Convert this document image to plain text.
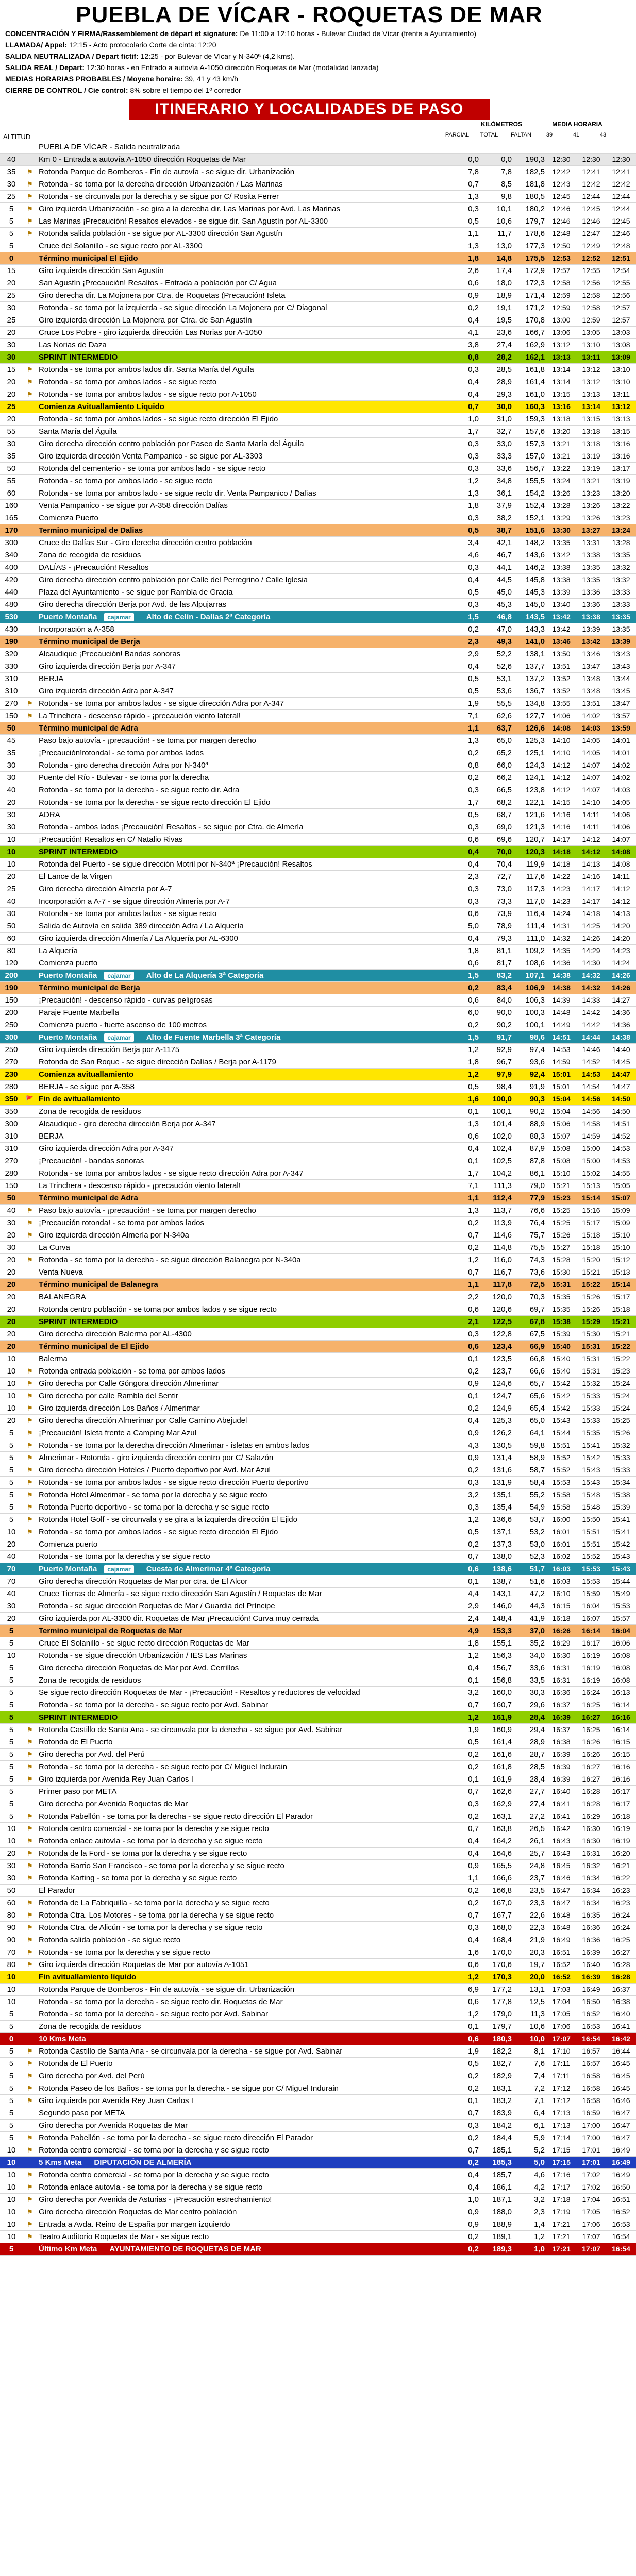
PUEBLA DE VÍCAR - ROQUETAS DE MAR
CONCENTRACIÓN Y FIRMA/Rassemblement de départ et signature: De 11:00 a 12:10 horas - Bulevar Ciudad de Vícar (frente a Ayuntamiento)
LLAMADA/ Appel: 12:15 - Acto protocolario Corte de cinta: 12:20
SALIDA NEUTRALIZADA / Depart fictif: 12:25 - por Bulevar de Vícar y N-340ª (4,2 kms).
SALIDA REAL / Depart: 12:30 horas - en Entrado a autovía A-1050 dirección Roquetas de Mar (modalidad lanzada)
MEDIAS HORARIAS PROBABLES / Moyene horaire: 39, 41 y 43 km/h
CIERRE DE CONTROL / Cie control: 8% sobre el tiempo del 1º corredor
ITINERARIO Y LOCALIDADES DE PASO
ALTITUD
KILÓMETROS	MEDIA HORARIA
PARCIAL	TOTAL	FALTAN	39	41	43
		PUEBLA DE VÍCAR - Salida neutralizada						
40		Km 0 - Entrada a autovía A-1050 dirección Roquetas de Mar	0,0	0,0	190,3	12:30	12:30	12:30
35	⚑	Rotonda Parque de Bomberos - Fin de autovía - se sigue dir. Urbanización	7,8	7,8	182,5	12:42	12:41	12:41
30	⚑	Rotonda - se toma por la derecha dirección Urbanización / Las Marinas	0,7	8,5	181,8	12:43	12:42	12:42
25	⚑	Rotonda - se circunvala por la derecha y se sigue por C/ Rosita Ferrer	1,3	9,8	180,5	12:45	12:44	12:44
5	⚑	Giro izquierda Urbanización - se gira a la derecha dir. Las Marinas por Avd. Las Marinas	0,3	10,1	180,2	12:46	12:45	12:44
5	⚑	Las Marinas ¡Precaución! Resaltos elevados - se sigue dir. San Agustín por AL-3300	0,5	10,6	179,7	12:46	12:46	12:45
5	⚑	Rotonda salida población - se sigue por AL-3300 dirección San Agustín	1,1	11,7	178,6	12:48	12:47	12:46
5		Cruce del Solanillo - se sigue recto por AL-3300	1,3	13,0	177,3	12:50	12:49	12:48
0		Término municipal El Ejido	1,8	14,8	175,5	12:53	12:52	12:51
15		Giro izquierda dirección San Agustín	2,6	17,4	172,9	12:57	12:55	12:54
20		San Agustín ¡Precaución! Resaltos - Entrada a población por C/ Agua	0,6	18,0	172,3	12:58	12:56	12:55
25		Giro derecha dir. La Mojonera por Ctra. de Roquetas (Precaución! Isleta	0,9	18,9	171,4	12:59	12:58	12:56
30		Rotonda - se toma por la izquierda - se sigue dirección La Mojonera por C/ Diagonal	0,2	19,1	171,2	12:59	12:58	12:57
25		Giro izquierda dirección La Mojonera por Ctra. de San Agustín	0,4	19,5	170,8	13:00	12:59	12:57
20		Cruce Los Pobre - giro izquierda dirección Las Norias por A-1050	4,1	23,6	166,7	13:06	13:05	13:03
30		Las Norias de Daza	3,8	27,4	162,9	13:12	13:10	13:08
30		SPRINT INTERMEDIO	0,8	28,2	162,1	13:13	13:11	13:09
15	⚑	Rotonda - se toma por ambos lados dir. Santa María del Aguila	0,3	28,5	161,8	13:14	13:12	13:10
20	⚑	Rotonda - se toma por ambos lados - se sigue recto	0,4	28,9	161,4	13:14	13:12	13:10
20	⚑	Rotonda - se toma por ambos lados - se sigue recto por A-1050	0,4	29,3	161,0	13:15	13:13	13:11
25		Comienza Avituallamiento Líquido	0,7	30,0	160,3	13:16	13:14	13:12
20		Rotonda - se toma por ambos lados - se sigue recto dirección El Ejido	1,0	31,0	159,3	13:18	13:15	13:13
55		Santa María del Águila	1,7	32,7	157,6	13:20	13:18	13:15
30		Giro derecha dirección centro población por Paseo de Santa María del Águila	0,3	33,0	157,3	13:21	13:18	13:16
35		Giro izquierda dirección Venta Pampanico - se sigue por AL-3303	0,3	33,3	157,0	13:21	13:19	13:16
50		Rotonda del cementerio - se toma por ambos lado - se sigue recto	0,3	33,6	156,7	13:22	13:19	13:17
55		Rotonda - se toma por ambos lado - se sigue recto	1,2	34,8	155,5	13:24	13:21	13:19
60		Rotonda - se toma por ambos lado - se sigue recto dir. Venta Pampanico / Dalías	1,3	36,1	154,2	13:26	13:23	13:20
160		Venta Pampanico - se sigue por A-358 dirección Dalías	1,8	37,9	152,4	13:28	13:26	13:22
165		Comienza Puerto	0,3	38,2	152,1	13:29	13:26	13:23
170		Termino municipal de Dalias	0,5	38,7	151,6	13:30	13:27	13:24
300		Cruce de Dalías Sur - Giro derecha dirección centro población	3,4	42,1	148,2	13:35	13:31	13:28
340		Zona de recogida de residuos	4,6	46,7	143,6	13:42	13:38	13:35
400		DALÍAS - ¡Precaución! Resaltos	0,3	44,1	146,2	13:38	13:35	13:32
420		Giro derecha dirección centro población por Calle del Perregrino / Calle Iglesia	0,4	44,5	145,8	13:38	13:35	13:32
440		Plaza del Ayuntamiento - se sigue por Rambla de Gracia	0,5	45,0	145,3	13:39	13:36	13:33
480		Giro derecha dirección Berja por Avd. de las Alpujarras	0,3	45,3	145,0	13:40	13:36	13:33
530		Puerto Montaña cajamar Alto de Celín - Dalías 2ª Categoría	1,5	46,8	143,5	13:42	13:38	13:35
430		Incorporación a A-358	0,2	47,0	143,3	13:42	13:39	13:35
190		Término municipal de Berja	2,3	49,3	141,0	13:46	13:42	13:39
320		Alcaudique ¡Precaución! Bandas sonoras	2,9	52,2	138,1	13:50	13:46	13:43
330		Giro izquierda dirección Berja por A-347	0,4	52,6	137,7	13:51	13:47	13:43
310		BERJA	0,5	53,1	137,2	13:52	13:48	13:44
310		Giro izquierda dirección Adra por A-347	0,5	53,6	136,7	13:52	13:48	13:45
270	⚑	Rotonda - se toma por ambos lados - se sigue dirección Adra por A-347	1,9	55,5	134,8	13:55	13:51	13:47
150	⚑	La Trinchera - descenso rápido - ¡precaución viento lateral!	7,1	62,6	127,7	14:06	14:02	13:57
50		Término municipal de Adra	1,1	63,7	126,6	14:08	14:03	13:59
45		Paso bajo autovía - ¡precaución! - se toma por margen derecho	1,3	65,0	125,3	14:10	14:05	14:01
35		¡Precaución!rotondal - se toma por ambos lados	0,2	65,2	125,1	14:10	14:05	14:01
30		Rotonda - giro derecha dirección Adra por N-340ª	0,8	66,0	124,3	14:12	14:07	14:02
30		Puente del Río - Bulevar - se toma por la derecha	0,2	66,2	124,1	14:12	14:07	14:02
40		Rotonda - se toma por la derecha - se sigue recto dir. Adra	0,3	66,5	123,8	14:12	14:07	14:03
20		Rotonda - se toma por la derecha - se sigue recto dirección El Ejido	1,7	68,2	122,1	14:15	14:10	14:05
30		ADRA	0,5	68,7	121,6	14:16	14:11	14:06
30		Rotonda - ambos lados ¡Precaución! Resaltos - se sigue por Ctra. de Almería	0,3	69,0	121,3	14:16	14:11	14:06
10		¡Precaución! Resaltos en C/ Natalio Rivas	0,6	69,6	120,7	14:17	14:12	14:07
10		SPRINT INTERMEDIO	0,4	70,0	120,3	14:18	14:12	14:08
10		Rotonda del Puerto - se sigue dirección Motril por N-340ª ¡Precaución! Resaltos	0,4	70,4	119,9	14:18	14:13	14:08
20		El Lance de la Virgen	2,3	72,7	117,6	14:22	14:16	14:11
25		Giro derecha dirección Almería por A-7	0,3	73,0	117,3	14:23	14:17	14:12
40		Incorporación a A-7 - se sigue dirección Almería por A-7	0,3	73,3	117,0	14:23	14:17	14:12
30		Rotonda - se toma por ambos lados - se sigue recto	0,6	73,9	116,4	14:24	14:18	14:13
50		Salida de Autovía en salida 389 dirección Adra / La Alquería	5,0	78,9	111,4	14:31	14:25	14:20
60		Giro izquierda dirección Almería / La Alquería por AL-6300	0,4	79,3	111,0	14:32	14:26	14:20
80		La Alquería	1,8	81,1	109,2	14:35	14:29	14:23
120		Comienza puerto	0,6	81,7	108,6	14:36	14:30	14:24
200		Puerto Montaña cajamar Alto de La Alquería 3ª Categoría	1,5	83,2	107,1	14:38	14:32	14:26
190		Término municipal de Berja	0,2	83,4	106,9	14:38	14:32	14:26
150		¡Precaución! - descenso rápido - curvas peligrosas	0,6	84,0	106,3	14:39	14:33	14:27
200		Paraje Fuente Marbella	6,0	90,0	100,3	14:48	14:42	14:36
250		Comienza puerto - fuerte ascenso de 100 metros	0,2	90,2	100,1	14:49	14:42	14:36
300		Puerto Montaña cajamar Alto de Fuente Marbella 3ª Categoría	1,5	91,7	98,6	14:51	14:44	14:38
250		Giro izquierda dirección Berja por A-1175	1,2	92,9	97,4	14:53	14:46	14:40
270		Rotonda de San Roque - se sigue dirección Dalías / Berja por A-1179	1,8	96,7	93,6	14:59	14:52	14:45
230		Comienza avituallamiento	1,2	97,9	92,4	15:01	14:53	14:47
280		BERJA - se sigue por A-358	0,5	98,4	91,9	15:01	14:54	14:47
350	🚩	Fin de avituallamiento	1,6	100,0	90,3	15:04	14:56	14:50
350		Zona de recogida de residuos	0,1	100,1	90,2	15:04	14:56	14:50
300		Alcaudique - giro derecha dirección Berja por A-347	1,3	101,4	88,9	15:06	14:58	14:51
310		BERJA	0,6	102,0	88,3	15:07	14:59	14:52
310		Giro izquierda dirección Adra por A-347	0,4	102,4	87,9	15:08	15:00	14:53
270		¡Precaución! - bandas sonoras	0,1	102,5	87,8	15:08	15:00	14:53
280		Rotonda - se toma por ambos lados - se sigue recto dirección Adra por A-347	1,7	104,2	86,1	15:10	15:02	14:55
150		La Trinchera - descenso rápido - ¡precaución viento lateral!	7,1	111,3	79,0	15:21	15:13	15:05
50		Término municipal de Adra	1,1	112,4	77,9	15:23	15:14	15:07
40	⚑	Paso bajo autovía - ¡precaución! - se toma por margen derecho	1,3	113,7	76,6	15:25	15:16	15:09
30	⚑	¡Precaución rotonda! - se toma por ambos lados	0,2	113,9	76,4	15:25	15:17	15:09
20	⚑	Giro izquierda dirección Almería por N-340a	0,7	114,6	75,7	15:26	15:18	15:10
30		La Curva	0,2	114,8	75,5	15:27	15:18	15:10
20	⚑	Rotonda - se toma por la derecha - se sigue dirección Balanegra por N-340a	1,2	116,0	74,3	15:28	15:20	15:12
20		Venta Nueva	0,7	116,7	73,6	15:30	15:21	15:13
20		Término municipal de Balanegra	1,1	117,8	72,5	15:31	15:22	15:14
20		BALANEGRA	2,2	120,0	70,3	15:35	15:26	15:17
20		Rotonda centro población - se toma por ambos lados y se sigue recto	0,6	120,6	69,7	15:35	15:26	15:18
20		SPRINT INTERMEDIO	2,1	122,5	67,8	15:38	15:29	15:21
20		Giro derecha dirección Balerma por AL-4300	0,3	122,8	67,5	15:39	15:30	15:21
20		Término municipal de El Ejido	0,6	123,4	66,9	15:40	15:31	15:22
10		Balerma	0,1	123,5	66,8	15:40	15:31	15:22
10	⚑	Rotonda entrada población - se toma por ambos lados	0,2	123,7	66,6	15:40	15:31	15:23
10	⚑	Giro derecha por Calle Góngora dirección Almerimar	0,9	124,6	65,7	15:42	15:32	15:24
10	⚑	Giro derecha por calle Rambla del Sentir	0,1	124,7	65,6	15:42	15:33	15:24
10	⚑	Giro izquierda dirección Los Baños / Almerimar	0,2	124,9	65,4	15:42	15:33	15:24
20	⚑	Giro derecha dirección Almerimar por Calle Camino Abejudel	0,4	125,3	65,0	15:43	15:33	15:25
5	⚑	¡Precaución! Isleta frente a Camping Mar Azul	0,9	126,2	64,1	15:44	15:35	15:26
5	⚑	Rotonda - se toma por la derecha dirección Almerimar - isletas en ambos lados	4,3	130,5	59,8	15:51	15:41	15:32
5	⚑	Almerimar - Rotonda - giro izquierda dirección centro por C/ Salazón	0,9	131,4	58,9	15:52	15:42	15:33
5	⚑	Giro derecha dirección Hoteles / Puerto deportivo por Avd. Mar Azul	0,2	131,6	58,7	15:52	15:43	15:33
5	⚑	Rotonda - se toma por ambos lados - se sigue recto dirección Puerto deportivo	0,3	131,9	58,4	15:53	15:43	15:34
5	⚑	Rotonda Hotel Almerimar - se toma por la derecha y se sigue recto	3,2	135,1	55,2	15:58	15:48	15:38
5	⚑	Rotonda Puerto deportivo - se toma por la derecha y se sigue recto	0,3	135,4	54,9	15:58	15:48	15:39
5	⚑	Rotonda Hotel Golf - se circunvala y se gira a la izquierda dirección El Ejido	1,2	136,6	53,7	16:00	15:50	15:41
10	⚑	Rotonda - se toma por ambos lados - se sigue recto dirección El Ejido	0,5	137,1	53,2	16:01	15:51	15:41
20		Comienza puerto	0,2	137,3	53,0	16:01	15:51	15:42
40		Rotonda - se toma por la derecha y se sigue recto	0,7	138,0	52,3	16:02	15:52	15:43
70		Puerto Montaña cajamar Cuesta de Almerimar 4ª Categoría	0,6	138,6	51,7	16:03	15:53	15:43
70		Giro derecha dirección Roquetas de Mar por ctra. de El Alcor	0,1	138,7	51,6	16:03	15:53	15:44
40		Cruce Tierras de Almería - se sigue recto dirección San Agustín / Roquetas de Mar	4,4	143,1	47,2	16:10	15:59	15:49
30		Rotonda - se sigue dirección Roquetas de Mar / Guardia del Príncipe	2,9	146,0	44,3	16:15	16:04	15:53
20		Giro izquierda por AL-3300 dir. Roquetas de Mar ¡Precaución! Curva muy cerrada	2,4	148,4	41,9	16:18	16:07	15:57
5		Termino municipal de Roquetas de Mar	4,9	153,3	37,0	16:26	16:14	16:04
5		Cruce El Solanillo - se sigue recto dirección Roquetas de Mar	1,8	155,1	35,2	16:29	16:17	16:06
10		Rotonda - se sigue dirección Urbanización / IES Las Marinas	1,2	156,3	34,0	16:30	16:19	16:08
5		Giro derecha dirección Roquetas de Mar por Avd. Cerrillos	0,4	156,7	33,6	16:31	16:19	16:08
5		Zona de recogida de residuos	0,1	156,8	33,5	16:31	16:19	16:08
5		Se sigue recto dirección Roquetas de Mar - ¡Precaución! - Resaltos y reductores de velocidad	3,2	160,0	30,3	16:36	16:24	16:13
5		Rotonda - se toma por la derecha - se sigue recto por Avd. Sabinar	0,7	160,7	29,6	16:37	16:25	16:14
5		SPRINT INTERMEDIO	1,2	161,9	28,4	16:39	16:27	16:16
5	⚑	Rotonda Castillo de Santa Ana - se circunvala por la derecha - se sigue por Avd. Sabinar	1,9	160,9	29,4	16:37	16:25	16:14
5	⚑	Rotonda de El Puerto	0,5	161,4	28,9	16:38	16:26	16:15
5	⚑	Giro derecha por Avd. del Perú	0,2	161,6	28,7	16:39	16:26	16:15
5	⚑	Rotonda - se toma por la derecha - se sigue recto por C/ Miguel Indurain	0,2	161,8	28,5	16:39	16:27	16:16
5	⚑	Giro izquierda por Avenida Rey Juan Carlos I	0,1	161,9	28,4	16:39	16:27	16:16
5		Primer paso por META	0,7	162,6	27,7	16:40	16:28	16:17
5		Giro derecha por Avenida Roquetas de Mar	0,3	162,9	27,4	16:41	16:28	16:17
5	⚑	Rotonda Pabellón - se toma por la derecha - se sigue recto dirección El Parador	0,2	163,1	27,2	16:41	16:29	16:18
10	⚑	Rotonda centro comercial - se toma por la derecha y se sigue recto	0,7	163,8	26,5	16:42	16:30	16:19
10	⚑	Rotonda enlace autovía - se toma por la derecha y se sigue recto	0,4	164,2	26,1	16:43	16:30	16:19
20	⚑	Rotonda de la Ford - se toma por la derecha y se sigue recto	0,4	164,6	25,7	16:43	16:31	16:20
30	⚑	Rotonda Barrio San Francisco - se toma por la derecha y se sigue recto	0,9	165,5	24,8	16:45	16:32	16:21
30	⚑	Rotonda Karting - se toma por la derecha y se sigue recto	1,1	166,6	23,7	16:46	16:34	16:22
50		El Parador	0,2	166,8	23,5	16:47	16:34	16:23
60	⚑	Rotonda de La Fabriquilla - se toma por la derecha y se sigue recto	0,2	167,0	23,3	16:47	16:34	16:23
80	⚑	Rotonda Ctra. Los Motores - se toma por la derecha y se sigue recto	0,7	167,7	22,6	16:48	16:35	16:24
90	⚑	Rotonda Ctra. de Alicún - se toma por la derecha y se sigue recto	0,3	168,0	22,3	16:48	16:36	16:24
90	⚑	Rotonda salida población - se sigue recto	0,4	168,4	21,9	16:49	16:36	16:25
70	⚑	Rotonda - se toma por la derecha y se sigue recto	1,6	170,0	20,3	16:51	16:39	16:27
80	⚑	Giro izquierda dirección Roquetas de Mar por autovía A-1051	0,6	170,6	19,7	16:52	16:40	16:28
10		Fin avituallamiento líquido	1,2	170,3	20,0	16:52	16:39	16:28
10		Rotonda Parque de Bomberos - Fin de autovía - se sigue dir. Urbanización	6,9	177,2	13,1	17:03	16:49	16:37
10		Rotonda - se toma por la derecha - se sigue recto dir. Roquetas de Mar	0,6	177,8	12,5	17:04	16:50	16:38
5		Rotonda - se toma por la derecha - se sigue recto por Avd. Sabinar	1,2	179,0	11,3	17:05	16:52	16:40
5		Zona de recogida de residuos	0,1	179,7	10,6	17:06	16:53	16:41
0		10 Kms Meta	0,6	180,3	10,0	17:07	16:54	16:42
5	⚑	Rotonda Castillo de Santa Ana - se circunvala por la derecha - se sigue por Avd. Sabinar	1,9	182,2	8,1	17:10	16:57	16:44
5	⚑	Rotonda de El Puerto	0,5	182,7	7,6	17:11	16:57	16:45
5	⚑	Giro derecha por Avd. del Perú	0,2	182,9	7,4	17:11	16:58	16:45
5	⚑	Rotonda Paseo de los Baños - se toma por la derecha - se sigue por C/ Miguel Indurain	0,2	183,1	7,2	17:12	16:58	16:45
5	⚑	Giro izquierda por Avenida Rey Juan Carlos I	0,1	183,2	7,1	17:12	16:58	16:46
5		Segundo paso por META	0,7	183,9	6,4	17:13	16:59	16:47
5		Giro derecha por Avenida Roquetas de Mar	0,3	184,2	6,1	17:13	17:00	16:47
5	⚑	Rotonda Pabellón - se toma por la derecha - se sigue recto dirección El Parador	0,2	184,4	5,9	17:14	17:00	16:47
10	⚑	Rotonda centro comercial - se toma por la derecha y se sigue recto	0,7	185,1	5,2	17:15	17:01	16:49
10		5 Kms Meta DIPUTACIÓN DE ALMERÍA	0,2	185,3	5,0	17:15	17:01	16:49
10	⚑	Rotonda centro comercial - se toma por la derecha y se sigue recto	0,4	185,7	4,6	17:16	17:02	16:49
10	⚑	Rotonda enlace autovía - se toma por la derecha y se sigue recto	0,4	186,1	4,2	17:17	17:02	16:50
10	⚑	Giro derecha por Avenida de Asturias - ¡Precaución estrechamiento!	1,0	187,1	3,2	17:18	17:04	16:51
10	⚑	Giro derecha dirección Roquetas de Mar centro población	0,9	188,0	2,3	17:19	17:05	16:52
10	⚑	Entrada a Avda. Reino de España por margen izquierdo	0,9	188,9	1,4	17:21	17:06	16:53
10	⚑	Teatro Auditorio Roquetas de Mar - se sigue recto	0,2	189,1	1,2	17:21	17:07	16:54
5		Último Km Meta AYUNTAMIENTO DE ROQUETAS DE MAR	0,2	189,3	1,0	17:21	17:07	16:54
